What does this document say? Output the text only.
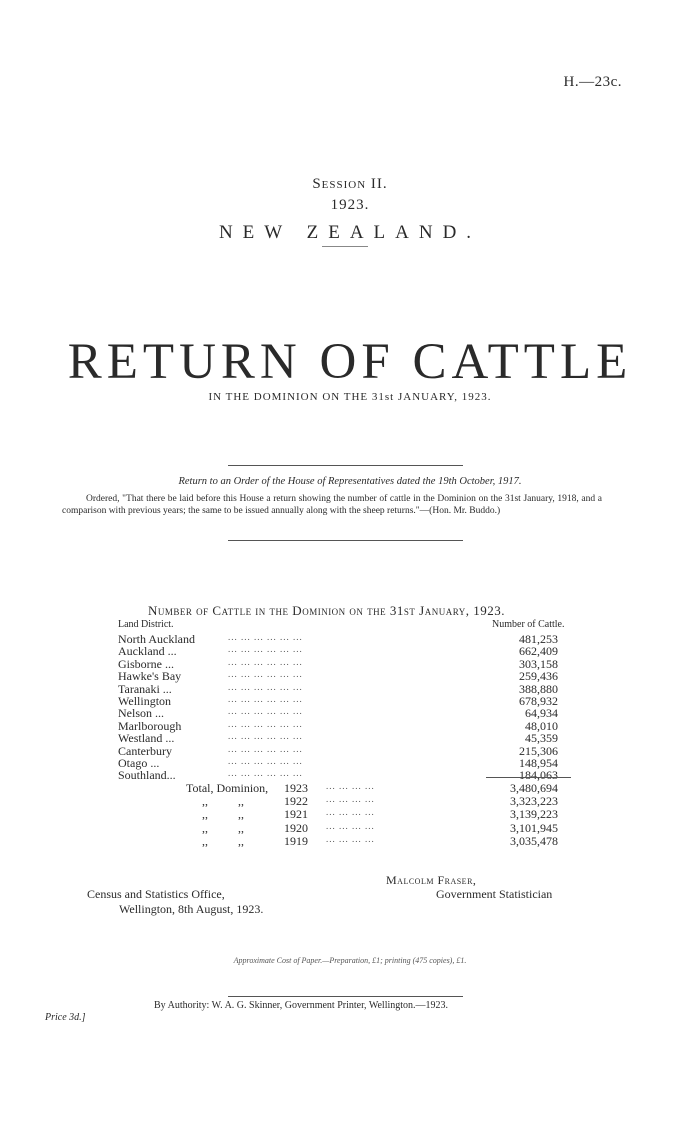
H.—23c.
Session II.
1923.
NEW ZEALAND.
RETURN OF CATTLE
IN THE DOMINION ON THE 31st JANUARY, 1923.
Return to an Order of the House of Representatives dated the 19th October, 1917.
Ordered, "That there be laid before this House a return showing the number of cattle in the Dominion on the 31st January, 1918, and a comparison with previous years; the same to be issued annually along with the sheep returns."—(Hon. Mr. Buddo.)
Number of Cattle in the Dominion on the 31st January, 1923.
Land District.	Number of Cattle.
North Auckland	... ... ... ... ... ...	481,253
Auckland ...	... ... ... ... ... ...	662,409
Gisborne ...	... ... ... ... ... ...	303,158
Hawke's Bay	... ... ... ... ... ...	259,436
Taranaki ...	... ... ... ... ... ...	388,880
Wellington	... ... ... ... ... ...	678,932
Nelson ...	... ... ... ... ... ...	64,934
Marlborough	... ... ... ... ... ...	48,010
Westland ...	... ... ... ... ... ...	45,359
Canterbury	... ... ... ... ... ...	215,306
Otago ...	... ... ... ... ... ...	148,954
Southland...	... ... ... ... ... ...	184,063
Total, Dominion,	1923 ... ... ... ...	3,480,694
,,          ,,	1922 ... ... ... ...	3,323,223
,,          ,,	1921 ... ... ... ...	3,139,223
,,          ,,	1920 ... ... ... ...	3,101,945
,,          ,,	1919 ... ... ... ...	3,035,478
Malcolm Fraser,
Government Statistician
Census and Statistics Office,
Wellington, 8th August, 1923.
Approximate Cost of Paper.—Preparation, £1; printing (475 copies), £1.
By Authority: W. A. G. Skinner, Government Printer, Wellington.—1923.
Price 3d.]
